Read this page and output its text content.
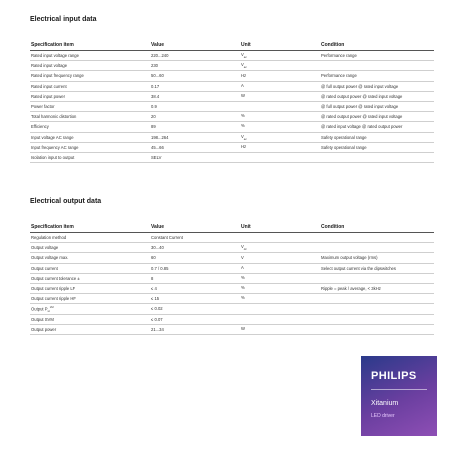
Electrical input data
Specification item	Value	Unit	Condition
Rated input voltage range	220...240	$V_{ac}$	Performance range
Rated input voltage	230	$V_{ac}$	
Rated input frequency range	50...60	Hz	Performance range
Rated input current	0.17	A	@ full output power @ rated input voltage
Rated input power	38.4	W	@ rated output power @ rated input voltage
Power factor	0.9		@ full output power @ rated input voltage
Total harmonic distortion	20	%	@ rated output power @ rated input voltage
Efficiency	89	%	@ rated input voltage @ rated output power
Input voltage AC range	198...264	$V_{ac}$	Safety operational range
Input frequency AC range	45...66	Hz	Safety operational range
Isolation input to output	SELV		
Electrical output data
Specification item	Value	Unit	Condition
Regulation method	Constant Current		
Output voltage	30...40	$V_{dc}$	
Output voltage max.	60	V	Maximum output voltage (rms)
Output current	0.7 / 0.85	A	Select output current via the dipswitches
Output current tolerance ±	8	%	
Output current ripple LF	≤ 4	%	Ripple = peak / average, < 3kHz
Output current ripple HF	≤ 15	%	
Output $P_{st}^{LM}$	≤ 0.02		
Output SVM	≤ 0.07		
Output power	21...34	W	
PHILIPS
Xitanium
LED driver
